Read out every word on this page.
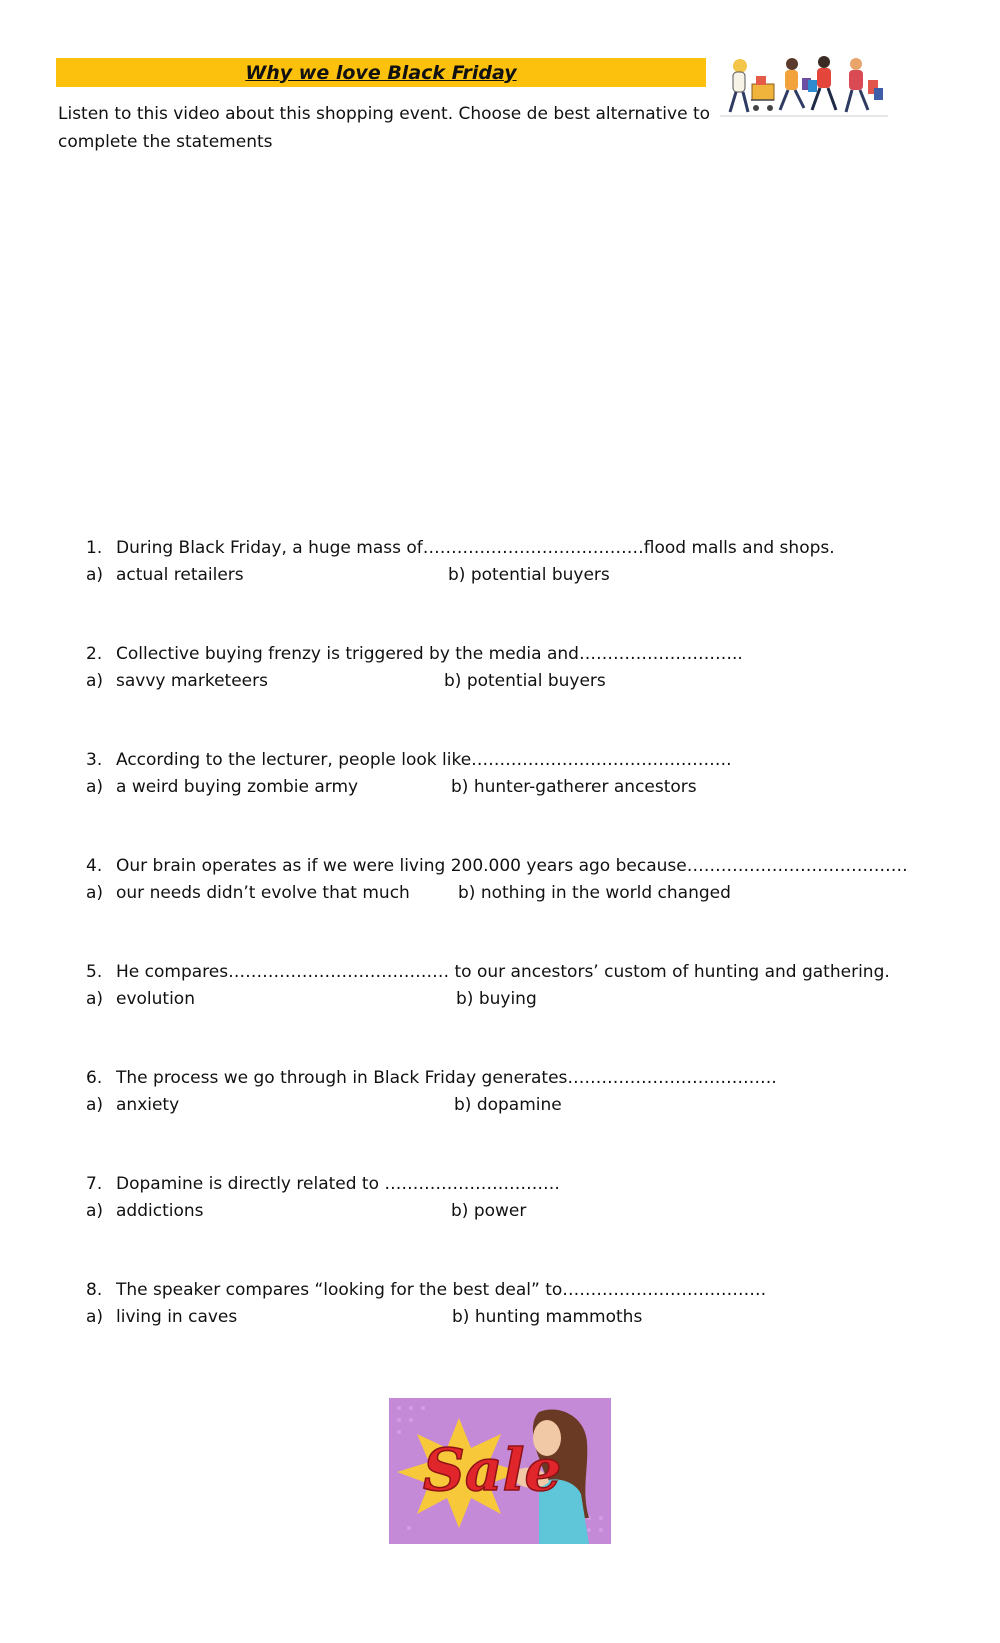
Why we love Black Friday
Listen to this video about this shopping event. Choose de best alternative to complete the statements
1. During Black Friday, a huge mass of…………………………………flood malls and shops.
a) actual retailers	b) potential buyers
2. Collective buying frenzy is triggered by the media and………………………..
a) savvy marketeers	b) potential buyers
3. According to the lecturer, people look like……………………………………….
a) a weird buying zombie army	b) hunter-gatherer ancestors
4. Our brain operates as if we were living 200.000 years ago because…………………………………
a) our needs didn’t evolve that much	b) nothing in the world changed
5. He compares………………………………… to our ancestors’ custom of hunting and gathering.
a) evolution	b) buying
6. The process we go through in Black Friday generates……………………………….
a) anxiety	b) dopamine
7. Dopamine is directly related to ………………………….
a) addictions	b) power
8. The speaker compares “looking for the best deal” to………………………………
a) living in caves	b) hunting mammoths
Sale
